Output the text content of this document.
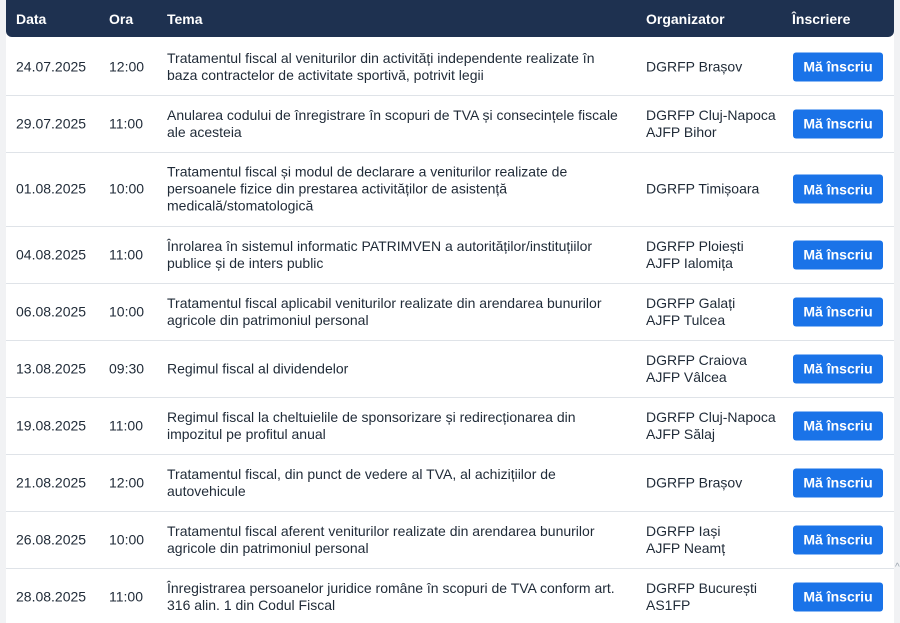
Data	Ora	Tema	Organizator	Înscriere
24.07.2025	12:00
Tratamentul fiscal al veniturilor din activități independente realizate în
baza contractelor de activitate sportivă, potrivit legii
DGRFP Brașov	Mă înscriu
29.07.2025	11:00
Anularea codului de înregistrare în scopuri de TVA și consecințele fiscale
ale acesteia
DGRFP Cluj-Napoca
AJFP Bihor	Mă înscriu
01.08.2025	10:00
Tratamentul fiscal și modul de declarare a veniturilor realizate de
persoanele fizice din prestarea activităților de asistență
medicală/stomatologică
DGRFP Timișoara	Mă înscriu
04.08.2025	11:00
Înrolarea în sistemul informatic PATRIMVEN a autorităților/instituțiilor
publice și de inters public
DGRFP Ploiești
AJFP Ialomița	Mă înscriu
06.08.2025	10:00
Tratamentul fiscal aplicabil veniturilor realizate din arendarea bunurilor
agricole din patrimoniul personal
DGRFP Galați
AJFP Tulcea	Mă înscriu
13.08.2025	09:30	Regimul fiscal al dividendelor
DGRFP Craiova
AJFP Vâlcea	Mă înscriu
19.08.2025	11:00
Regimul fiscal la cheltuielile de sponsorizare și redirecționarea din
impozitul pe profitul anual
DGRFP Cluj-Napoca
AJFP Sălaj	Mă înscriu
21.08.2025	12:00
Tratamentul fiscal, din punct de vedere al TVA, al achizițiilor de
autovehicule
DGRFP Brașov	Mă înscriu
26.08.2025	10:00
Tratamentul fiscal aferent veniturilor realizate din arendarea bunurilor
agricole din patrimoniul personal
DGRFP Iași
AJFP Neamț	Mă înscriu
28.08.2025	11:00
Înregistrarea persoanelor juridice române în scopuri de TVA conform art.
316 alin. 1 din Codul Fiscal
DGRFP București
AS1FP	Mă înscriu
^
